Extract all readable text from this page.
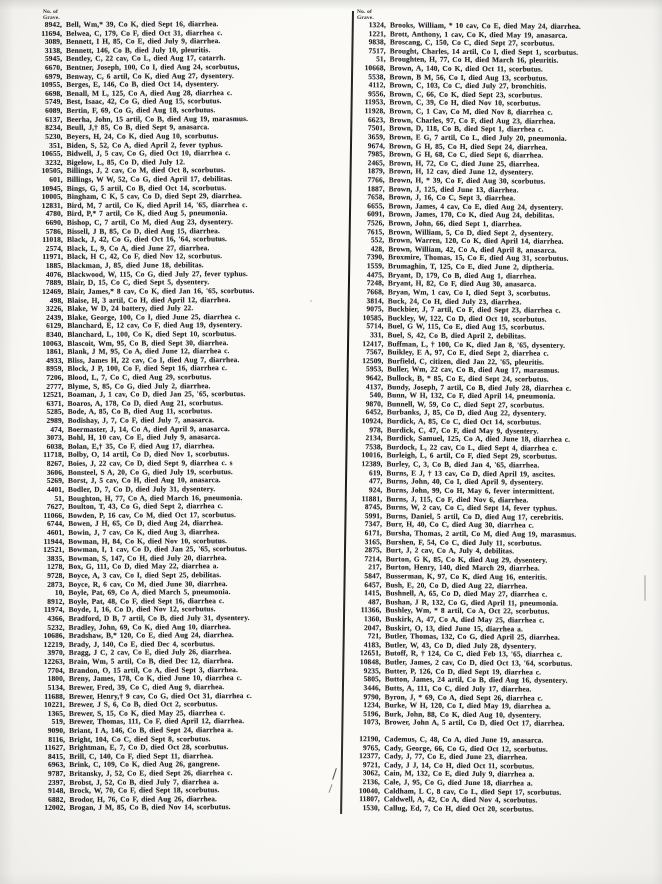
No. of
Grave.
No. of
Grave.
8942 , Bell, Wm,* 39, Co K, died Sept 16, diarrhea.
11694 , Belwea, C, 179, Co F, died Oct 31, diarrhea c.
3089 , Bennett, I H, 85, Co E, died July 9, diarrhea.
3138 , Bennett, 146, Co B, died July 10, pleuritis.
5945 , Bentley, C, 22 cav, Co L, died Aug 17, catarrh.
6670 , Bentner, Joseph, 100, Co I, died Aug 24, scorbutus,
6979 , Benway, C, 6 artil, Co K, died Aug 27, dysentery.
10955 , Berges, E, 146, Co B, died Oct 14, dysentery.
6698 , Benall, M L, 125, Co A, died Aug 28, diarrhea c.
5749 , Best, Isaac, 42, Co G, died Aug 15, scorbutus.
6089 , Bertin, F, 69, Co G, died Aug 18, scorbutus.
6137 , Beerha, John, 15 artil, Co B, died Aug 19, marasmus.
8234 , Beull, J,† 85, Co B, died Sept 9, anasarca.
5230 , Beyers, H, 24, Co K, died Aug 10, scorbutus.
351 , Biden, S, 52, Co A, died April 2, fever typhus.
10655 , Bidwell, J, 5 cav, Co G, died Oct 10, diarrhea c.
3232 , Bigelow, L, 85, Co D, died July 12.
10505 , Billings, J, 2 cav, Co M, died Oct 8, scorbutus.
601 , Billings, W W, 52, Co G, died April 17, debilitas.
10945 , Bings, G, 5 artil, Co B, died Oct 14, scorbutus.
10005 , Bingham, C K, 5 cav, Co D, died Sept 29, diarrhea.
12831 , Bird, M, 7 artil, Co K, died April 14, '65, diarrhea c.
4780 , Bird, P,* 7 artil, Co K, died Aug 5, pneumonia.
6690 , Bishop, C, 7 artil, Co M, died Aug 23, dysentery.
5786 , Bissell, J B, 85, Co D, died Aug 15, diarrhea.
11018 , Black, J, 42, Co G, died Oct 16, '64, scorbutus.
2574 , Black, L, 9, Co A, died June 27, diarrhea.
11971 , Black, H C, 42, Co F, died Nov 12, scorbutus.
1885 , Blackman, J, 85, died June 18, debilitas.
4076 , Blackwood, W, 115, Co G, died July 27, fever typhus.
7889 , Blair, D, 15, Co C, died Sept 5, dysentery.
12469 , Blair, James,* 8 cav, Co K, died Jan 16, '65, scorbutus.
498 , Blaise, H, 3 artil, Co H, died April 12, diarrhea.
3226 , Blake, W D, 24 battery, died July 22.
2439 , Blake, George, 100, Co I, died June 25, diarrhea c.
6129 , Blanchard, E, 12 cav, Co F, died Aug 19, dysentery.
8340 , Blanchard, L, 100, Co K, died Sept 10, scorbutus.
10063 , Blascoit, Wm, 95, Co B, died Sept 30, diarrhea.
1861 , Blank, J M, 95, Co A, died June 12, diarrhea c.
4933 , Bliss, James H, 22 cav, Co I, died Aug 7, diarrhea.
8959 , Block, J P, 100, Co F, died Sept 16, diarrhea c.
7206 , Blood, L, 7, Co C, died Aug 29, scorbutus.
2777 , Blyme, S, 85, Co G, died July 2, diarrhea.
12521 , Boaman, J, 1 cav, Co D, died Jan 25, '65, scorbutus.
6371 , Boaros, A, 178, Co D, died Aug 21, scorbutus.
5285 , Bode, A, 85, Co B, died Aug 11, scorbutus.
2989 , Bodishay, J, 7, Co F, died July 7, anasarca.
474 , Boermaster, J, 14, Co A, died April 9, anasarca.
3073 , Bohl, H, 10 cav, Co E, died July 9, anasarca.
6038 , Bolan, E,† 35, Co F, died Aug 17, diarrhea.
11718 , Bolby, O, 14 artil, Co D, died Nov 1, scorbutus.
8267 , Boies, J, 22 cav, Co D, died Sept 9, diarrhea c. s
3606 , Bonsteel, S A, 20, Co G, died July 19, scorbutus.
5269 , Borst, J, 5 cav, Co H, died Aug 10, anasarca.
4401 , Bodler, D, 7, Co D, died July 31, dysentery.
51 , Boughton, H, 77, Co A, died March 16, pneumonia.
7627 , Boulton, T, 43, Co G, died Sept 2, diarrhea c.
11066 , Bowden, P, 16 cav, Co M, died Oct 17, scorbutus.
6744 , Bowen, J H, 65, Co D, died Aug 24, diarrhea.
4601 , Bowin, J, 7 cav, Co K, died Aug 3, diarrhea.
11944 , Bowman, H, 84, Co K, died Nov 10, scorbutus.
12521 , Bowman, I, 1 cav, Co D, died Jan 25, '65, scorbutus.
3835 , Bowman, S, 147, Co H, died July 20, diarrhea.
1278 , Box, G, 111, Co D, died May 22, diarrhea a.
9728 , Boyce, A, 3 cav, Co I, died Sept 25, debilitas.
2873 , Boyce, R, 6 cav, Co M, died June 30, diarrhea.
10 , Boyle, Pat, 69, Co A, died March 5, pneumonia.
8912 , Boyle, Pat, 48, Co F, died Sept 16, diarrhea c.
11974 , Boyde, I, 16, Co D, died Nov 12, scorbutus.
4366 , Bradford, D B, 7 artil, Co B, died July 31, dysentery.
5232 , Bradley, John, 69, Co K, died Aug 10, diarrhea.
10686 , Bradshaw, B,* 120, Co E, died Aug 24, diarrhea.
12219 , Brady, J, 140, Co E, died Dec 4, scorbutus.
3970 , Bragg, J C, 2 cav, Co E, died July 26, diarrhea.
12263 , Brain, Wm, 5 artil, Co B, died Dec 12, diarrhea.
7704 , Brandon, O, 15 artil, Co A, died Sept 3, diarrhea.
1800 , Breny, James, 178, Co K, died June 10, diarrhea c.
5134 , Brewer, Fred, 39, Co C, died Aug 9, diarrhea.
11688 , Brewer, Henry,† 9 cav, Co G, died Oct 31, diarrhea c.
10221 , Brewer, J S, 6, Co B, died Oct 2, scorbutus.
1365 , Brewer, S, 15, Co K, died May 25, diarrhea c.
519 , Brewer, Thomas, 111, Co F, died April 12, diarrhea.
9090 , Briant, I A, 146, Co B, died Sept 24, diarrhea a.
8116 , Bright, 104, Co C, died Sept 8, scorbutus.
11627 , Brightman, E, 7, Co D, died Oct 28, scorbutus.
8415 , Brill, C, 140, Co F, died Sept 11, diarrhea.
6963 , Brink, C, 109, Co K, died Aug 26, gangrene.
9787 , Britansky, J, 52, Co E, died Sept 26, diarrhea c.
2397 , Brobst, J, 52, Co B, died July 7, diarrhea a.
9148 , Brock, W, 70, Co F, died Sept 18, scorbutus.
6882 , Brodor, H, 76, Co F, died Aug 26, diarrhea.
12002 , Brogan, J M, 85, Co B, died Nov 14, scorbutus.
1324 , Brooks, William, * 10 cav, Co E, died May 24, diarrhea.
1221 , Brott, Anthony, 1 cav, Co K, died May 19, anasarca.
9838 , Broscang, C, 150, Co C, died Sept 27, scorbutus.
7517 , Brought, Charles, 14 artil, Co I, died Sept 1, scorbutus.
51 , Broughten, H, 77, Co H, died March 16, pleuritis.
10668 , Brown, A, 140, Co K, died Oct 11, scorbutus.
5538 , Brown, B M, 56, Co I, died Aug 13, scorbutus.
4112 , Brown, C, 103, Co C, died July 27, bronchitis.
9556 , Brown, C, 66, Co K, died Sept 23, scorbutus.
11953 , Brown, C, 39, Co H, died Nov 10, scorbutus.
11928 , Brown, C, 1 Cav, Co M, died Nov 8, diarrhea c.
6623 , Brown, Charles, 97, Co F, died Aug 23, diarrhea.
7501 , Brown, D, 118, Co B, died Sept 1, diarrhea c.
3659 , Brown, E G, 7 artil, Co L, died July 20, pneumonia.
9674 , Brown, G H, 85, Co H, died Sept 24, diarrhea.
7985 , Brown, G H, 68, Co C, died Sept 6, diarrhea.
2465 , Brown, H, 72, Co C, died June 25, diarrhea.
1879 , Brown, H, 12 cav, died June 12, dysentery.
7766 , Brown, H, * 39, Co F, died Aug 30, scorbutus.
1887 , Brown, J, 125, died June 13, diarrhea.
7658 , Brown, J, 16, Co C, Sept 3, diarrhea.
6655 , Brown, James, 4 cav, Co E, died Aug 24, dysentery.
6091 , Brown, James, 170, Co K, died Aug 24, debilitas.
7526 , Brown, John, 66, died Sept 1, diarrhea.
7615 , Brown, William, 5, Co D, died Sept 2, dysentery.
552 , Brown, Warren, 120, Co K, died April 14, diarrhea.
428 , Brown, William, 42, Co A, died April 8, anasarca.
7390 , Broxmire, Thomas, 15, Co E, died Aug 31, scorbutus.
1559 , Brumaghin, T, 125, Co E, died June 2, diptheria.
4475 , Bryant, D, 179, Co B, died Aug 1, diarrhea.
7248 , Bryant, H, 82, Co F, died Aug 30, anasarca.
7668 , Bryan, Wm, 1 cav, Co I, died Sept 3, scorbutus.
3814 , Buck, 24, Co H, died July 23, diarrhea.
9075 , Buckbier, J, 7 artil, Co F, died Sept 23, diarrhea c.
10585 , Buckley, W, 122, Co D, died Oct 10, scorbutus.
5714 , Buel, G W, 115, Co E, died Aug 15, scorbutus.
331 , Buel, S, 42, Co B, died April 2, debilitas.
12417 , Buffman, L, † 100, Co K, died Jan 8, '65, dysentery.
7567 , Buikley, E A, 97, Co E, died Sept 2, diarrhea c.
12509 , Burfield, C, citizen, died Jan 22, '65, pleuritis.
5953 , Buller, Wm, 22 cav, Co B, died Aug 17, marasmus.
9642 , Bullock, B, * 85, Co E, died Sept 24, scorbutus.
4137 , Bundy, Joseph, 7 artil, Co B, died July 28, diarrhea c.
540 , Bunn, W H, 132, Co F, died April 14, pneumonia.
9870 , Bunnell, W, 59, Co C, died Sept 27, scorbutus.
6452 , Burbanks, J, 85, Co D, died Aug 22, dysentery.
10924 , Burdick, A, 85, Co C, died Oct 14, scorbutus.
978 , Burdick, C, 47, Co F, died May 9, dysentery.
2134 , Burdick, Samuel, 125, Co A, died June 18, diarrhea c.
7538 , Burdock, L, 22 cav, Co L, died Sept 4, diarrhea c.
10016 , Burleigh, L, 6 artil, Co F, died Sept 29, scorbutus.
12389 , Burley, C, 3, Co B, died Jan 4, '65, diarrhea.
619 , Burns, E J, † 13 cav, Co D, died April 19, ascites.
477 , Burns, John, 40, Co I, died April 9, dysentery.
924 , Burns, John, 99, Co H, May 6, fever intermittent.
11881 , Burns, J, 115, Co F, died Nov 6, diarrhea.
8745 , Burns, W, 2 cav, Co C, died Sept 14, fever typhus.
5991 , Burns, Daniel, 5 artil, Co D, died Aug 17, cerebritis.
7347 , Burr, H, 40, Co C, died Aug 30, diarrhea c.
6171 , Bursha, Thomas, 2 artil, Co M, died Aug 19, marasmus.
3165 , Burshen, F, 54, Co C, died July 11, scorbutus.
2875 , Burt, J, 2 cav, Co A, July 4, debilitas.
7214 , Burton, G K, 85, Co K, died Aug 29, dysentery.
217 , Burton, Henry, 140, died March 29, diarrhea.
5847 , Busserman, K, 97, Co K, died Aug 16, enteritis.
6457 , Bush, E, 20, Co D, died Aug 22, diarrhea.
1415 , Bushnell, A, 65, Co D, died May 27, diarrhea c.
487 , Bushan, J R, 132, Co G, died April 11, pneumonia.
11366 , Bushley, Wm, * 8 artil, Co A, Oct 22, scorbutus.
1360 , Buskirk, A, 47, Co A, died May 25, diarrhea c.
2047 , Buskirt, O, 13, died June 15, diarrhea a.
721 , Butler, Thomas, 132, Co G, died April 25, diarrhea.
4183 , Butler, W, 43, Co D, died July 28, dysentery.
12651 , Butoff, R, † 124, Co C, died Feb 13, '65, diarrhea c.
10848 , Butler, James, 2 cav, Co D, died Oct 13, '64, scorbutus.
9235 , Butter, P, 126, Co D, died Sept 19, diarrhea c.
5805 , Button, James, 24 artil, Co B, died Aug 16, dysentery.
3446 , Butts, A, 111, Co C, died July 17, diarrhea.
9790 , Byron, J, * 69, Co A, died Sept 26, diarrhea c.
1234 , Burke, W H, 120, Co I, died May 19, diarrhea a.
5196 , Burk, John, 88, Co K, died Aug 10, dysentery.
1073 , Brower, John A, 5 artil, Co D, died Oct 17, diarrhea.
12190 , Cademus, C, 48, Co A, died June 19, anasarca.
9765 , Cady, George, 66, Co G, died Oct 12, scorbutus.
12377 , Cady, J, 77, Co E, died June 23, diarrhea.
9721 , Cady, J J, 14, Co H, died Oct 11, scorbutus.
3062 , Cain, M, 132, Co E, died July 9, diarrhea a.
2136 , Cale, J, 95, Co G, died June 18, diarrhea a.
10040 , Caldham, L C, 8 cav, Co L, died Sept 17, scorbutus.
11807 , Caldwell, A, 42, Co A, died Nov 4, scorbutus.
1530 , Callug, Ed, 7, Co H, died Oct 20, scorbutus.
